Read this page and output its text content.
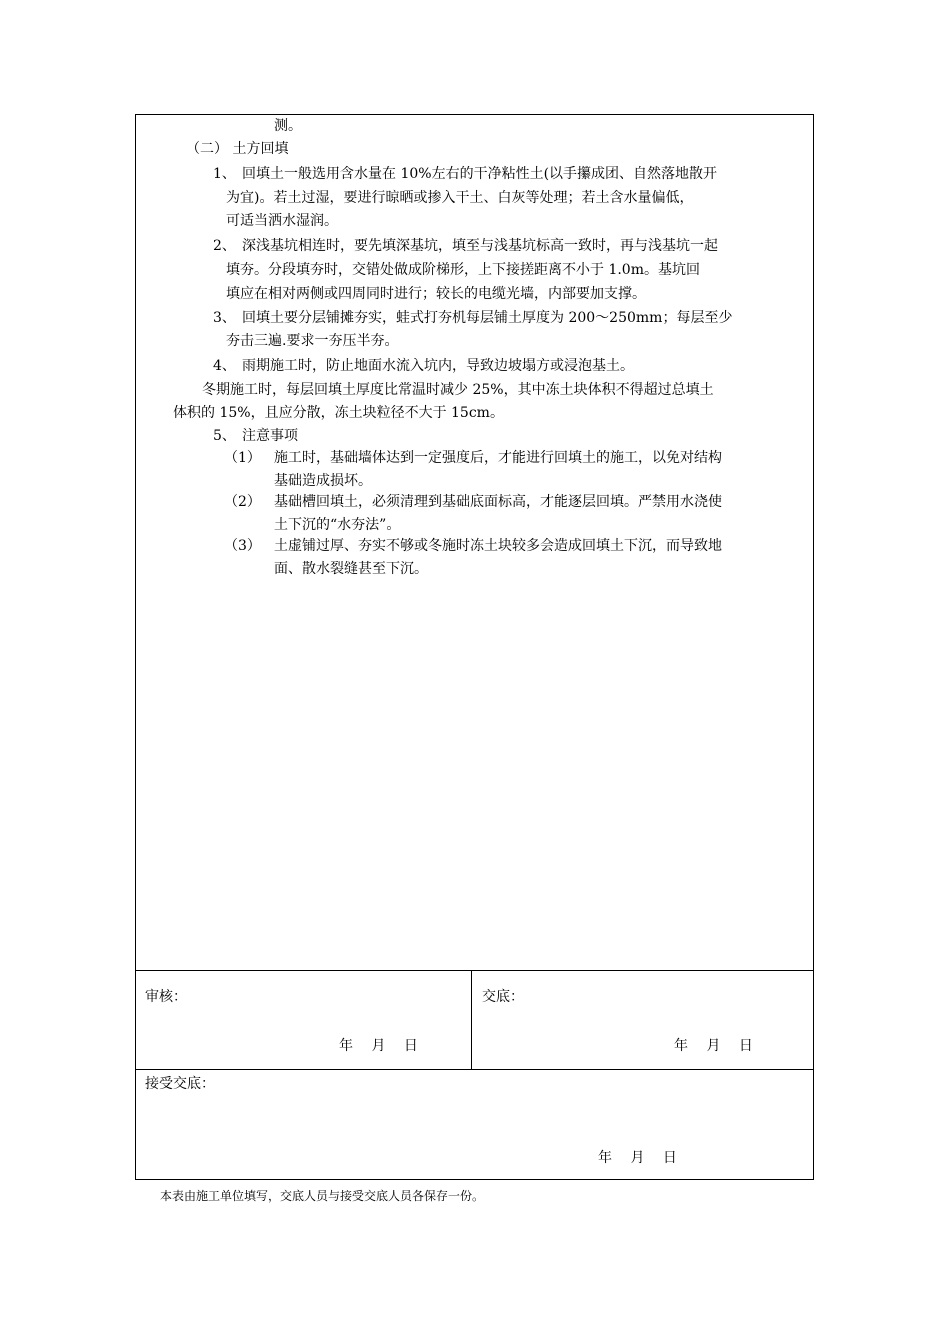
测。
（二） 土方回填
1、 回填土一般选用含水量在 10%左右的干净粘性土(以手攥成团、自然落地散开
为宜)。若土过湿，要进行晾晒或掺入干土、白灰等处理；若土含水量偏低，
可适当洒水湿润。
2、 深浅基坑相连时，要先填深基坑，填至与浅基坑标高一致时，再与浅基坑一起
填夯。分段填夯时，交错处做成阶梯形，上下接搓距离不小于 1.0m。基坑回
填应在相对两侧或四周同时进行；较长的电缆光墙，内部要加支撑。
3、 回填土要分层铺摊夯实，蛙式打夯机每层铺土厚度为 200～250mm；每层至少
夯击三遍.要求一夯压半夯。
4、 雨期施工时，防止地面水流入坑内，导致边坡塌方或浸泡基土。
冬期施工时，每层回填土厚度比常温时减少 25%，其中冻土块体积不得超过总填土
体积的 15%，且应分散，冻土块粒径不大于 15cm。
5、 注意事项
（1） 施工时，基础墙体达到一定强度后，才能进行回填土的施工，以免对结构
基础造成损坏。
（2） 基础槽回填土，必须清理到基础底面标高，才能逐层回填。严禁用水浇使
土下沉的“水夯法”。
（3） 土虚铺过厚、夯实不够或冬施时冻土块较多会造成回填土下沉，而导致地
面、散水裂缝甚至下沉。
审核：
年 月 日
交底：
年 月 日
接受交底：
年 月 日
本表由施工单位填写，交底人员与接受交底人员各保存一份。
